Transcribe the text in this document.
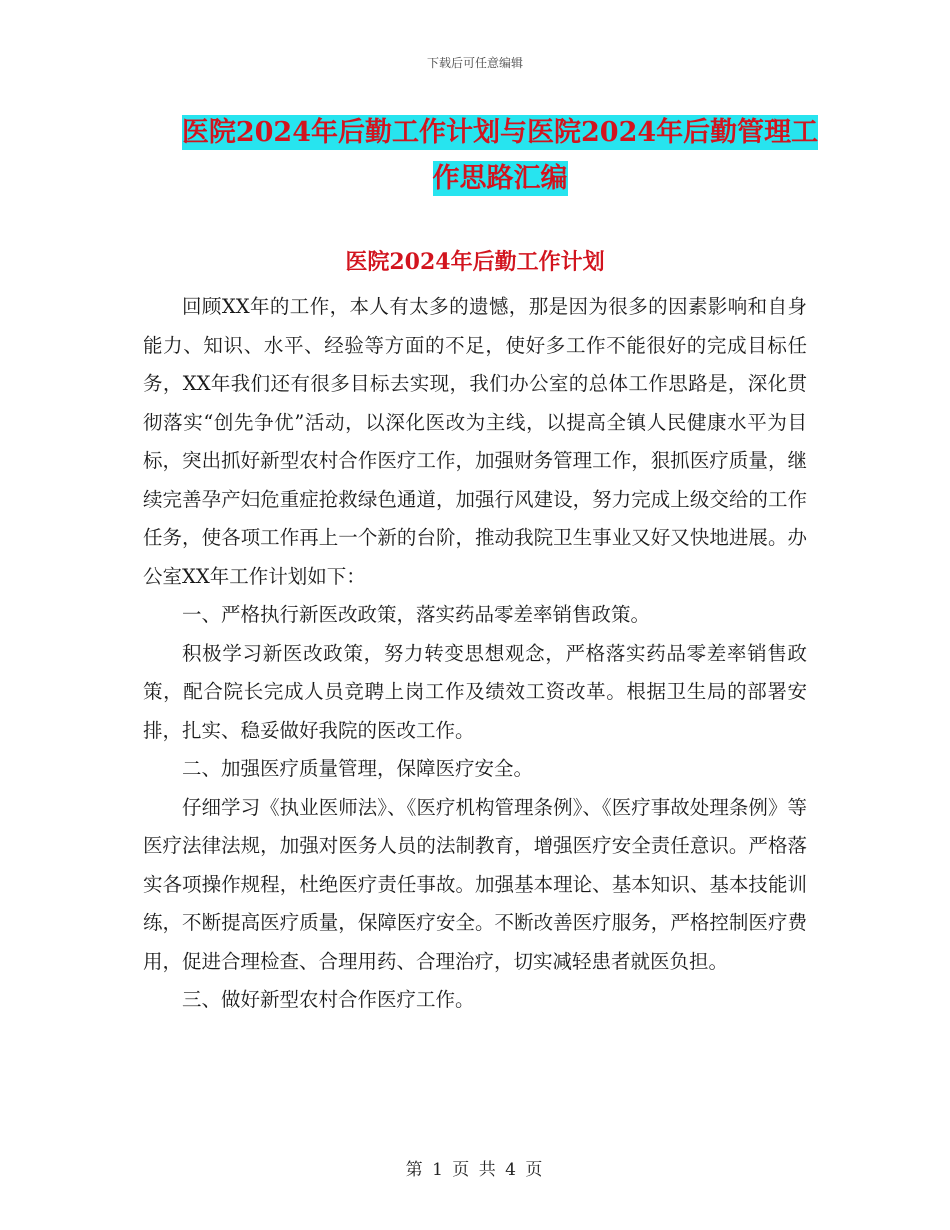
下载后可任意编辑
医院2024年后勤工作计划与医院2024年后勤管理工
作思路汇编
医院2024年后勤工作计划

回顾XX年的工作，本人有太多的遗憾，那是因为很多的因素影响和自身能力、知识、水平、经验等方面的不足，使好多工作不能很好的完成目标任务，XX年我们还有很多目标去实现，我们办公室的总体工作思路是，深化贯彻落实“创先争优”活动，以深化医改为主线，以提高全镇人民健康水平为目标，突出抓好新型农村合作医疗工作，加强财务管理工作，狠抓医疗质量，继续完善孕产妇危重症抢救绿色通道，加强行风建设，努力完成上级交给的工作任务，使各项工作再上一个新的台阶，推动我院卫生事业又好又快地进展。办公室XX年工作计划如下：

一、严格执行新医改政策，落实药品零差率销售政策。

积极学习新医改政策，努力转变思想观念，严格落实药品零差率销售政策，配合院长完成人员竞聘上岗工作及绩效工资改革。根据卫生局的部署安排，扎实、稳妥做好我院的医改工作。

二、加强医疗质量管理，保障医疗安全。

仔细学习《执业医师法》、《医疗机构管理条例》、《医疗事故处理条例》等医疗法律法规，加强对医务人员的法制教育，增强医疗安全责任意识。严格落实各项操作规程，杜绝医疗责任事故。加强基本理论、基本知识、基本技能训练，不断提高医疗质量，保障医疗安全。不断改善医疗服务，严格控制医疗费用，促进合理检查、合理用药、合理治疗，切实减轻患者就医负担。

三、做好新型农村合作医疗工作。

第 1 页 共 4 页
